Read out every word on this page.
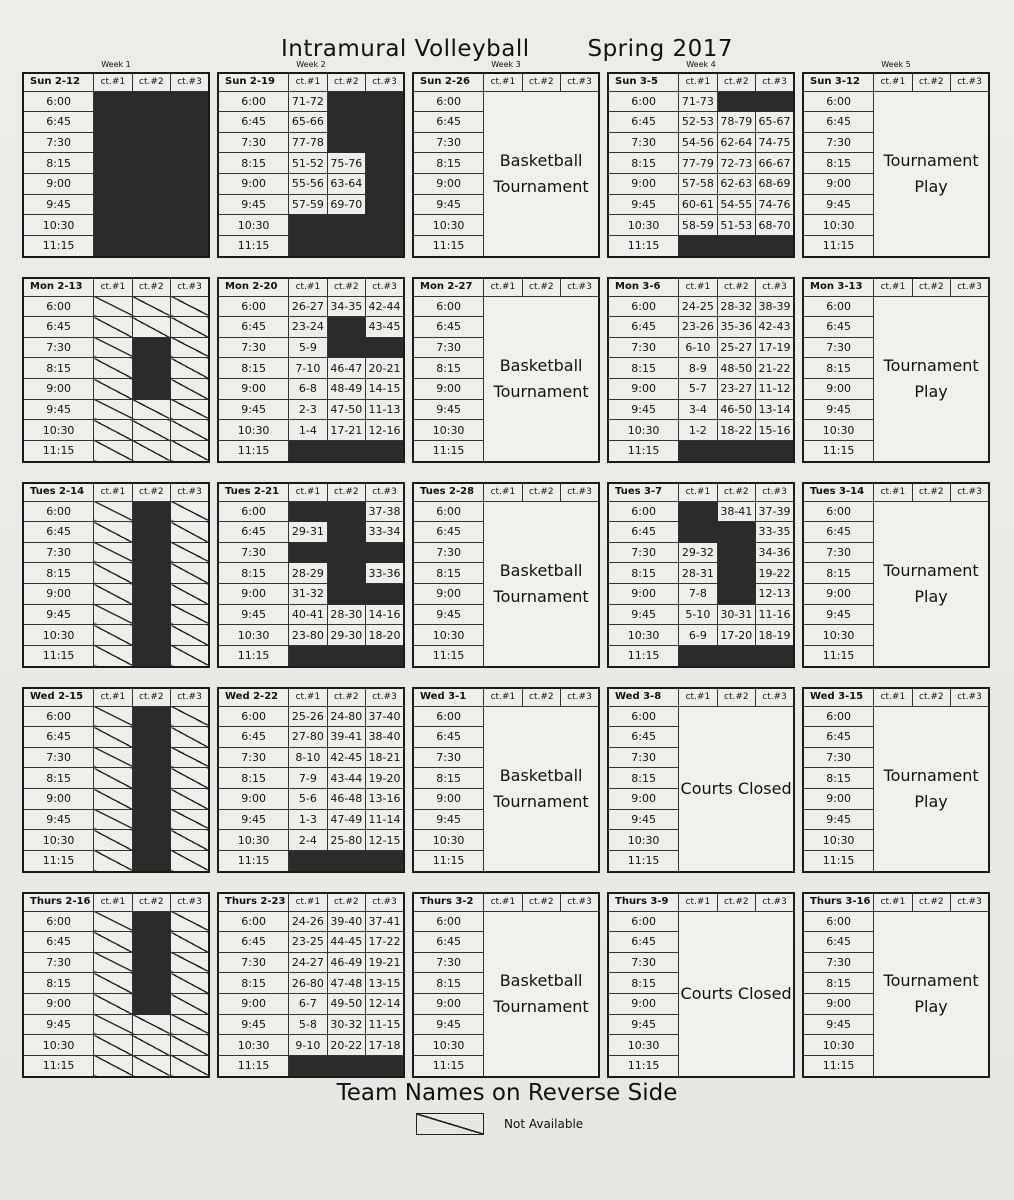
Intramural Volleyball	Spring 2017
Week 1
Sun 2-12	ct.#1	ct.#2	ct.#3
6:00			
6:45			
7:30			
8:15			
9:00			
9:45			
10:30			
11:15			
Week 2
Sun 2-19	ct.#1	ct.#2	ct.#3
6:00	71-72		
6:45	65-66		
7:30	77-78		
8:15	51-52	75-76	
9:00	55-56	63-64	
9:45	57-59	69-70	
10:30			
11:15			
Week 3
Sun 2-26	ct.#1	ct.#2	ct.#3
6:00	Basketball Tournament		
6:45			
7:30			
8:15			
9:00			
9:45			
10:30			
11:15			
Week 4
Sun 3-5	ct.#1	ct.#2	ct.#3
6:00	71-73		
6:45	52-53	78-79	65-67
7:30	54-56	62-64	74-75
8:15	77-79	72-73	66-67
9:00	57-58	62-63	68-69
9:45	60-61	54-55	74-76
10:30	58-59	51-53	68-70
11:15			
Week 5
Sun 3-12	ct.#1	ct.#2	ct.#3
6:00	Tournament Play		
6:45			
7:30			
8:15			
9:00			
9:45			
10:30			
11:15			
Mon 2-13	ct.#1	ct.#2	ct.#3
6:00			
6:45			
7:30			
8:15			
9:00			
9:45			
10:30			
11:15			
Mon 2-20	ct.#1	ct.#2	ct.#3
6:00	26-27	34-35	42-44
6:45	23-24		43-45
7:30	5-9		
8:15	7-10	46-47	20-21
9:00	6-8	48-49	14-15
9:45	2-3	47-50	11-13
10:30	1-4	17-21	12-16
11:15			
Mon 2-27	ct.#1	ct.#2	ct.#3
6:00	Basketball Tournament		
6:45			
7:30			
8:15			
9:00			
9:45			
10:30			
11:15			
Mon 3-6	ct.#1	ct.#2	ct.#3
6:00	24-25	28-32	38-39
6:45	23-26	35-36	42-43
7:30	6-10	25-27	17-19
8:15	8-9	48-50	21-22
9:00	5-7	23-27	11-12
9:45	3-4	46-50	13-14
10:30	1-2	18-22	15-16
11:15			
Mon 3-13	ct.#1	ct.#2	ct.#3
6:00	Tournament Play		
6:45			
7:30			
8:15			
9:00			
9:45			
10:30			
11:15			
Tues 2-14	ct.#1	ct.#2	ct.#3
6:00			
6:45			
7:30			
8:15			
9:00			
9:45			
10:30			
11:15			
Tues 2-21	ct.#1	ct.#2	ct.#3
6:00			37-38
6:45	29-31		33-34
7:30			
8:15	28-29		33-36
9:00	31-32		
9:45	40-41	28-30	14-16
10:30	23-80	29-30	18-20
11:15			
Tues 2-28	ct.#1	ct.#2	ct.#3
6:00	Basketball Tournament		
6:45			
7:30			
8:15			
9:00			
9:45			
10:30			
11:15			
Tues 3-7	ct.#1	ct.#2	ct.#3
6:00		38-41	37-39
6:45			33-35
7:30	29-32		34-36
8:15	28-31		19-22
9:00	7-8		12-13
9:45	5-10	30-31	11-16
10:30	6-9	17-20	18-19
11:15			
Tues 3-14	ct.#1	ct.#2	ct.#3
6:00	Tournament Play		
6:45			
7:30			
8:15			
9:00			
9:45			
10:30			
11:15			
Wed 2-15	ct.#1	ct.#2	ct.#3
6:00			
6:45			
7:30			
8:15			
9:00			
9:45			
10:30			
11:15			
Wed 2-22	ct.#1	ct.#2	ct.#3
6:00	25-26	24-80	37-40
6:45	27-80	39-41	38-40
7:30	8-10	42-45	18-21
8:15	7-9	43-44	19-20
9:00	5-6	46-48	13-16
9:45	1-3	47-49	11-14
10:30	2-4	25-80	12-15
11:15			
Wed 3-1	ct.#1	ct.#2	ct.#3
6:00	Basketball Tournament		
6:45			
7:30			
8:15			
9:00			
9:45			
10:30			
11:15			
Wed 3-8	ct.#1	ct.#2	ct.#3
6:00	Courts Closed		
6:45			
7:30			
8:15			
9:00			
9:45			
10:30			
11:15			
Wed 3-15	ct.#1	ct.#2	ct.#3
6:00	Tournament Play		
6:45			
7:30			
8:15			
9:00			
9:45			
10:30			
11:15			
Thurs 2-16	ct.#1	ct.#2	ct.#3
6:00			
6:45			
7:30			
8:15			
9:00			
9:45			
10:30			
11:15			
Thurs 2-23	ct.#1	ct.#2	ct.#3
6:00	24-26	39-40	37-41
6:45	23-25	44-45	17-22
7:30	24-27	46-49	19-21
8:15	26-80	47-48	13-15
9:00	6-7	49-50	12-14
9:45	5-8	30-32	11-15
10:30	9-10	20-22	17-18
11:15			
Thurs 3-2	ct.#1	ct.#2	ct.#3
6:00	Basketball Tournament		
6:45			
7:30			
8:15			
9:00			
9:45			
10:30			
11:15			
Thurs 3-9	ct.#1	ct.#2	ct.#3
6:00	Courts Closed		
6:45			
7:30			
8:15			
9:00			
9:45			
10:30			
11:15			
Thurs 3-16	ct.#1	ct.#2	ct.#3
6:00	Tournament Play		
6:45			
7:30			
8:15			
9:00			
9:45			
10:30			
11:15			
Team Names on Reverse Side
Not Available
